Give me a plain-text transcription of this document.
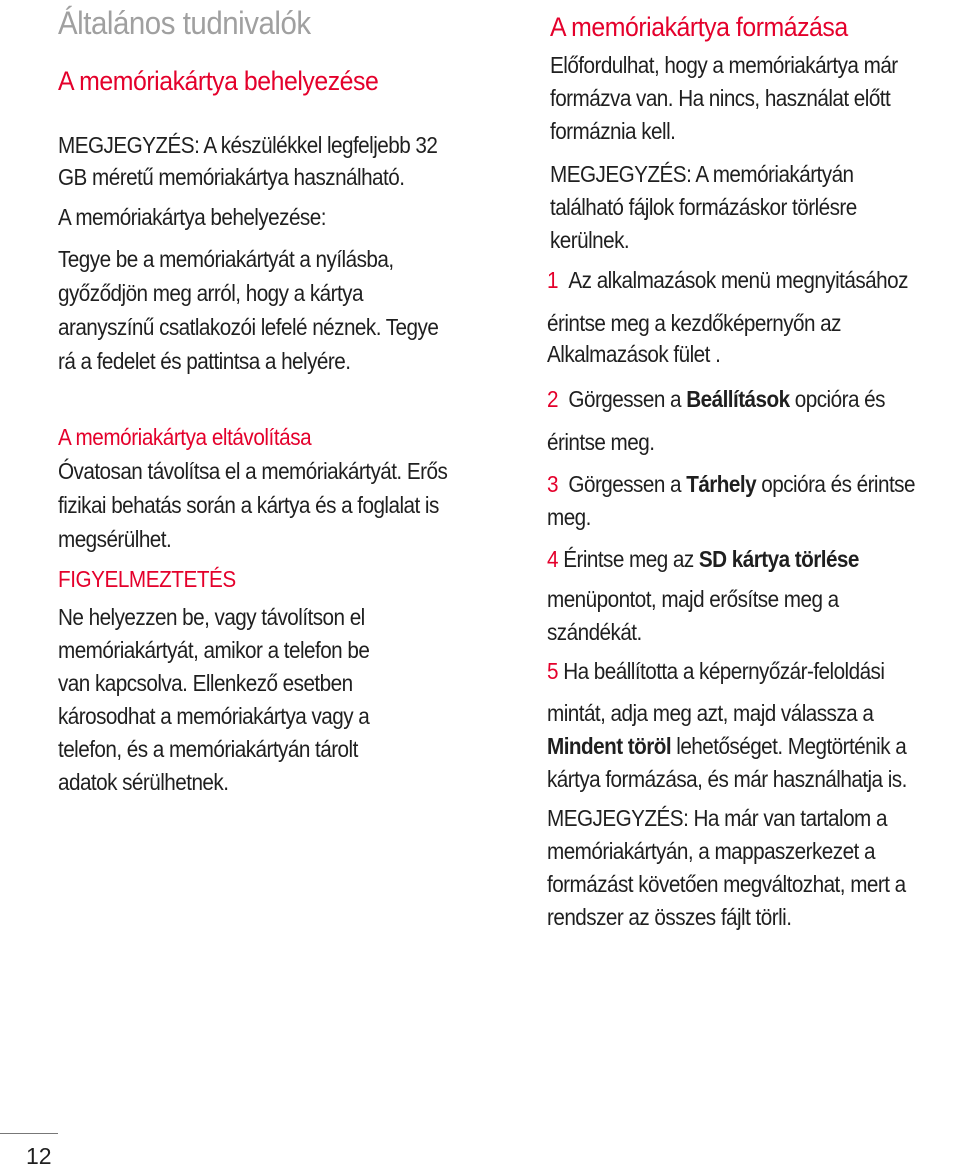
Általános tudnivalók
A memóriakártya behelyezése
MEGJEGYZÉS: A készülékkel legfeljebb 32
GB méretű memóriakártya használható.
A memóriakártya behelyezése:
Tegye be a memóriakártyát a nyílásba,
győződjön meg arról, hogy a kártya
aranyszínű csatlakozói lefelé néznek. Tegye
rá a fedelet és pattintsa a helyére.
A memóriakártya eltávolítása
Óvatosan távolítsa el a memóriakártyát. Erős
fizikai behatás során a kártya és a foglalat is
megsérülhet.
FIGYELMEZTETÉS
Ne helyezzen be, vagy távolítson el
memóriakártyát, amikor a telefon be
van kapcsolva. Ellenkező esetben
károsodhat a memóriakártya vagy a
telefon, és a memóriakártyán tárolt
adatok sérülhetnek.
A memóriakártya formázása
Előfordulhat, hogy a memóriakártya már
formázva van. Ha nincs, használat előtt
formáznia kell.
MEGJEGYZÉS: A memóriakártyán
található fájlok formázáskor törlésre
kerülnek.
1 Az alkalmazások menü megnyitásához
érintse meg a kezdőképernyőn az
Alkalmazások fület .
2 Görgessen a Beállítások opcióra és
érintse meg.
3 Görgessen a Tárhely opcióra és érintse
meg.
4 Érintse meg az SD kártya törlése
menüpontot, majd erősítse meg a
szándékát.
5 Ha beállította a képernyőzár-feloldási
mintát, adja meg azt, majd válassza a
Mindent töröl lehetőséget. Megtörténik a
kártya formázása, és már használhatja is.
MEGJEGYZÉS: Ha már van tartalom a
memóriakártyán, a mappaszerkezet a
formázást követően megváltozhat, mert a
rendszer az összes fájlt törli.
12
